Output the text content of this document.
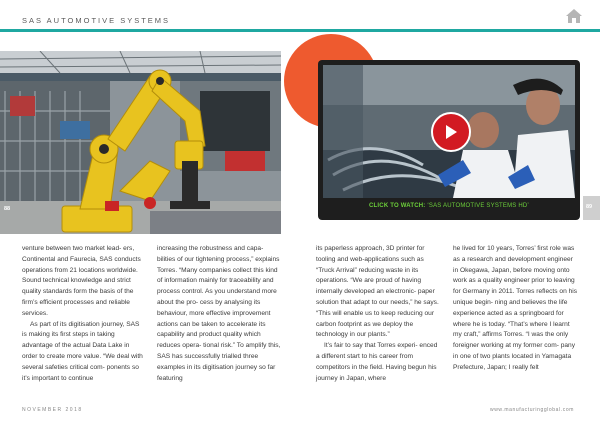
SAS AUTOMOTIVE SYSTEMS
88	CLICK TO WATCH: ‘SAS AUTOMOTIVE SYSTEMS HD’	89

venture between two market lead- ers, Continental and Faurecia, SAS conducts operations from 21 locations worldwide. Sound technical knowledge and strict quality standards form the basis of the firm’s efficient processes and reliable services.

As part of its digitisation journey, SAS is making its first steps in taking advantage of the actual Data Lake in order to create more value. “We deal with several safeties critical com- ponents so it’s important to continue

increasing the robustness and capa- bilities of our tightening process,” explains Torres. “Many companies collect this kind of information mainly for traceability and process control. As you understand more about the pro- cess by analysing its behaviour, more effective improvement actions can be taken to accelerate its capability and product quality which reduces opera- tional risk.” To amplify this, SAS has successfully trialled three examples in its digitisation journey so far featuring

its paperless approach, 3D printer for tooling and web-applications such as “Truck Arrival” reducing waste in its operations. “We are proud of having internally developed an electronic- paper solution that adapt to our needs,” he says. “This will enable us to keep reducing our carbon footprint as we deploy the technology in our plants.”

It’s fair to say that Torres experi- enced a different start to his career from competitors in the field. Having begun his journey in Japan, where

he lived for 10 years, Torres’ first role was as a research and development engineer in Okegawa, Japan, before moving onto work as a quality engineer prior to leaving for Germany in 2011. Torres reflects on his unique begin- ning and believes the life experience acted as a springboard for where he is today. “That’s where I learnt my craft,” affirms Torres. “I was the only foreigner working at my former com- pany in one of two plants located in Yamagata Prefecture, Japan; I really felt

NOVEMBER 2018	www.manufacturingglobal.com
